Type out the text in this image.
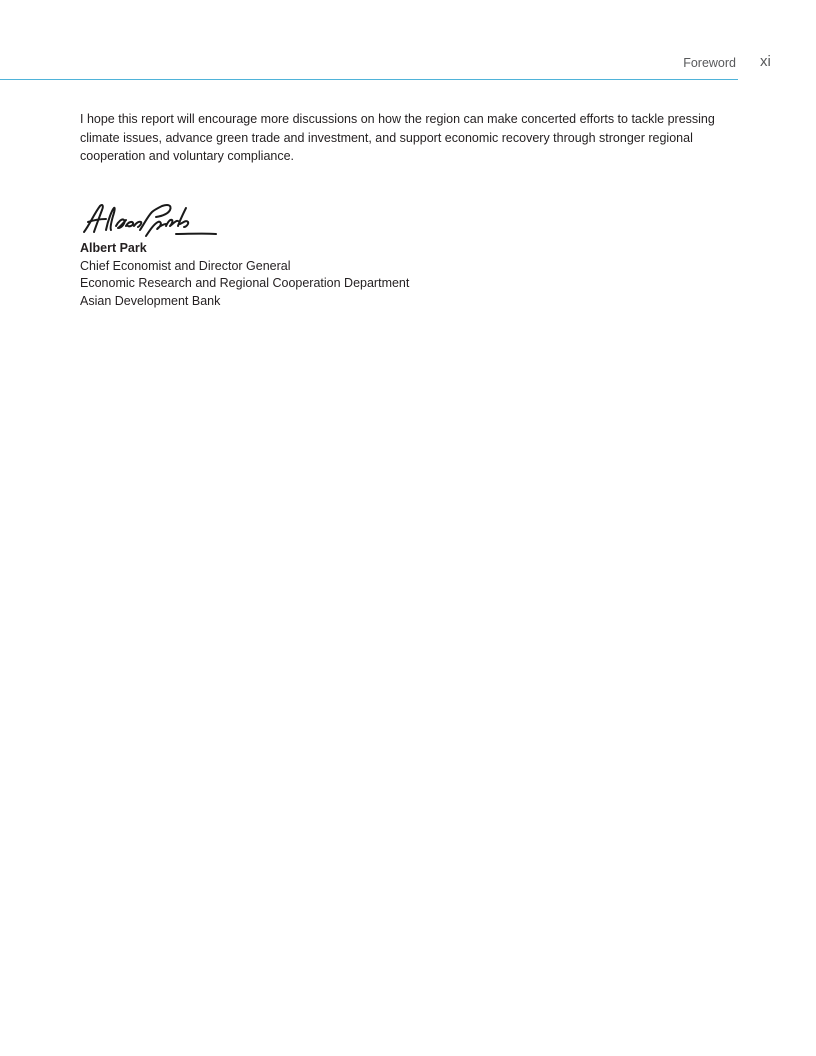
Foreword xi

I hope this report will encourage more discussions on how the region can make concerted efforts to tackle pressing climate issues, advance green trade and investment, and support economic recovery through stronger regional cooperation and voluntary compliance.

Albert Park
Chief Economist and Director General
Economic Research and Regional Cooperation Department
Asian Development Bank
